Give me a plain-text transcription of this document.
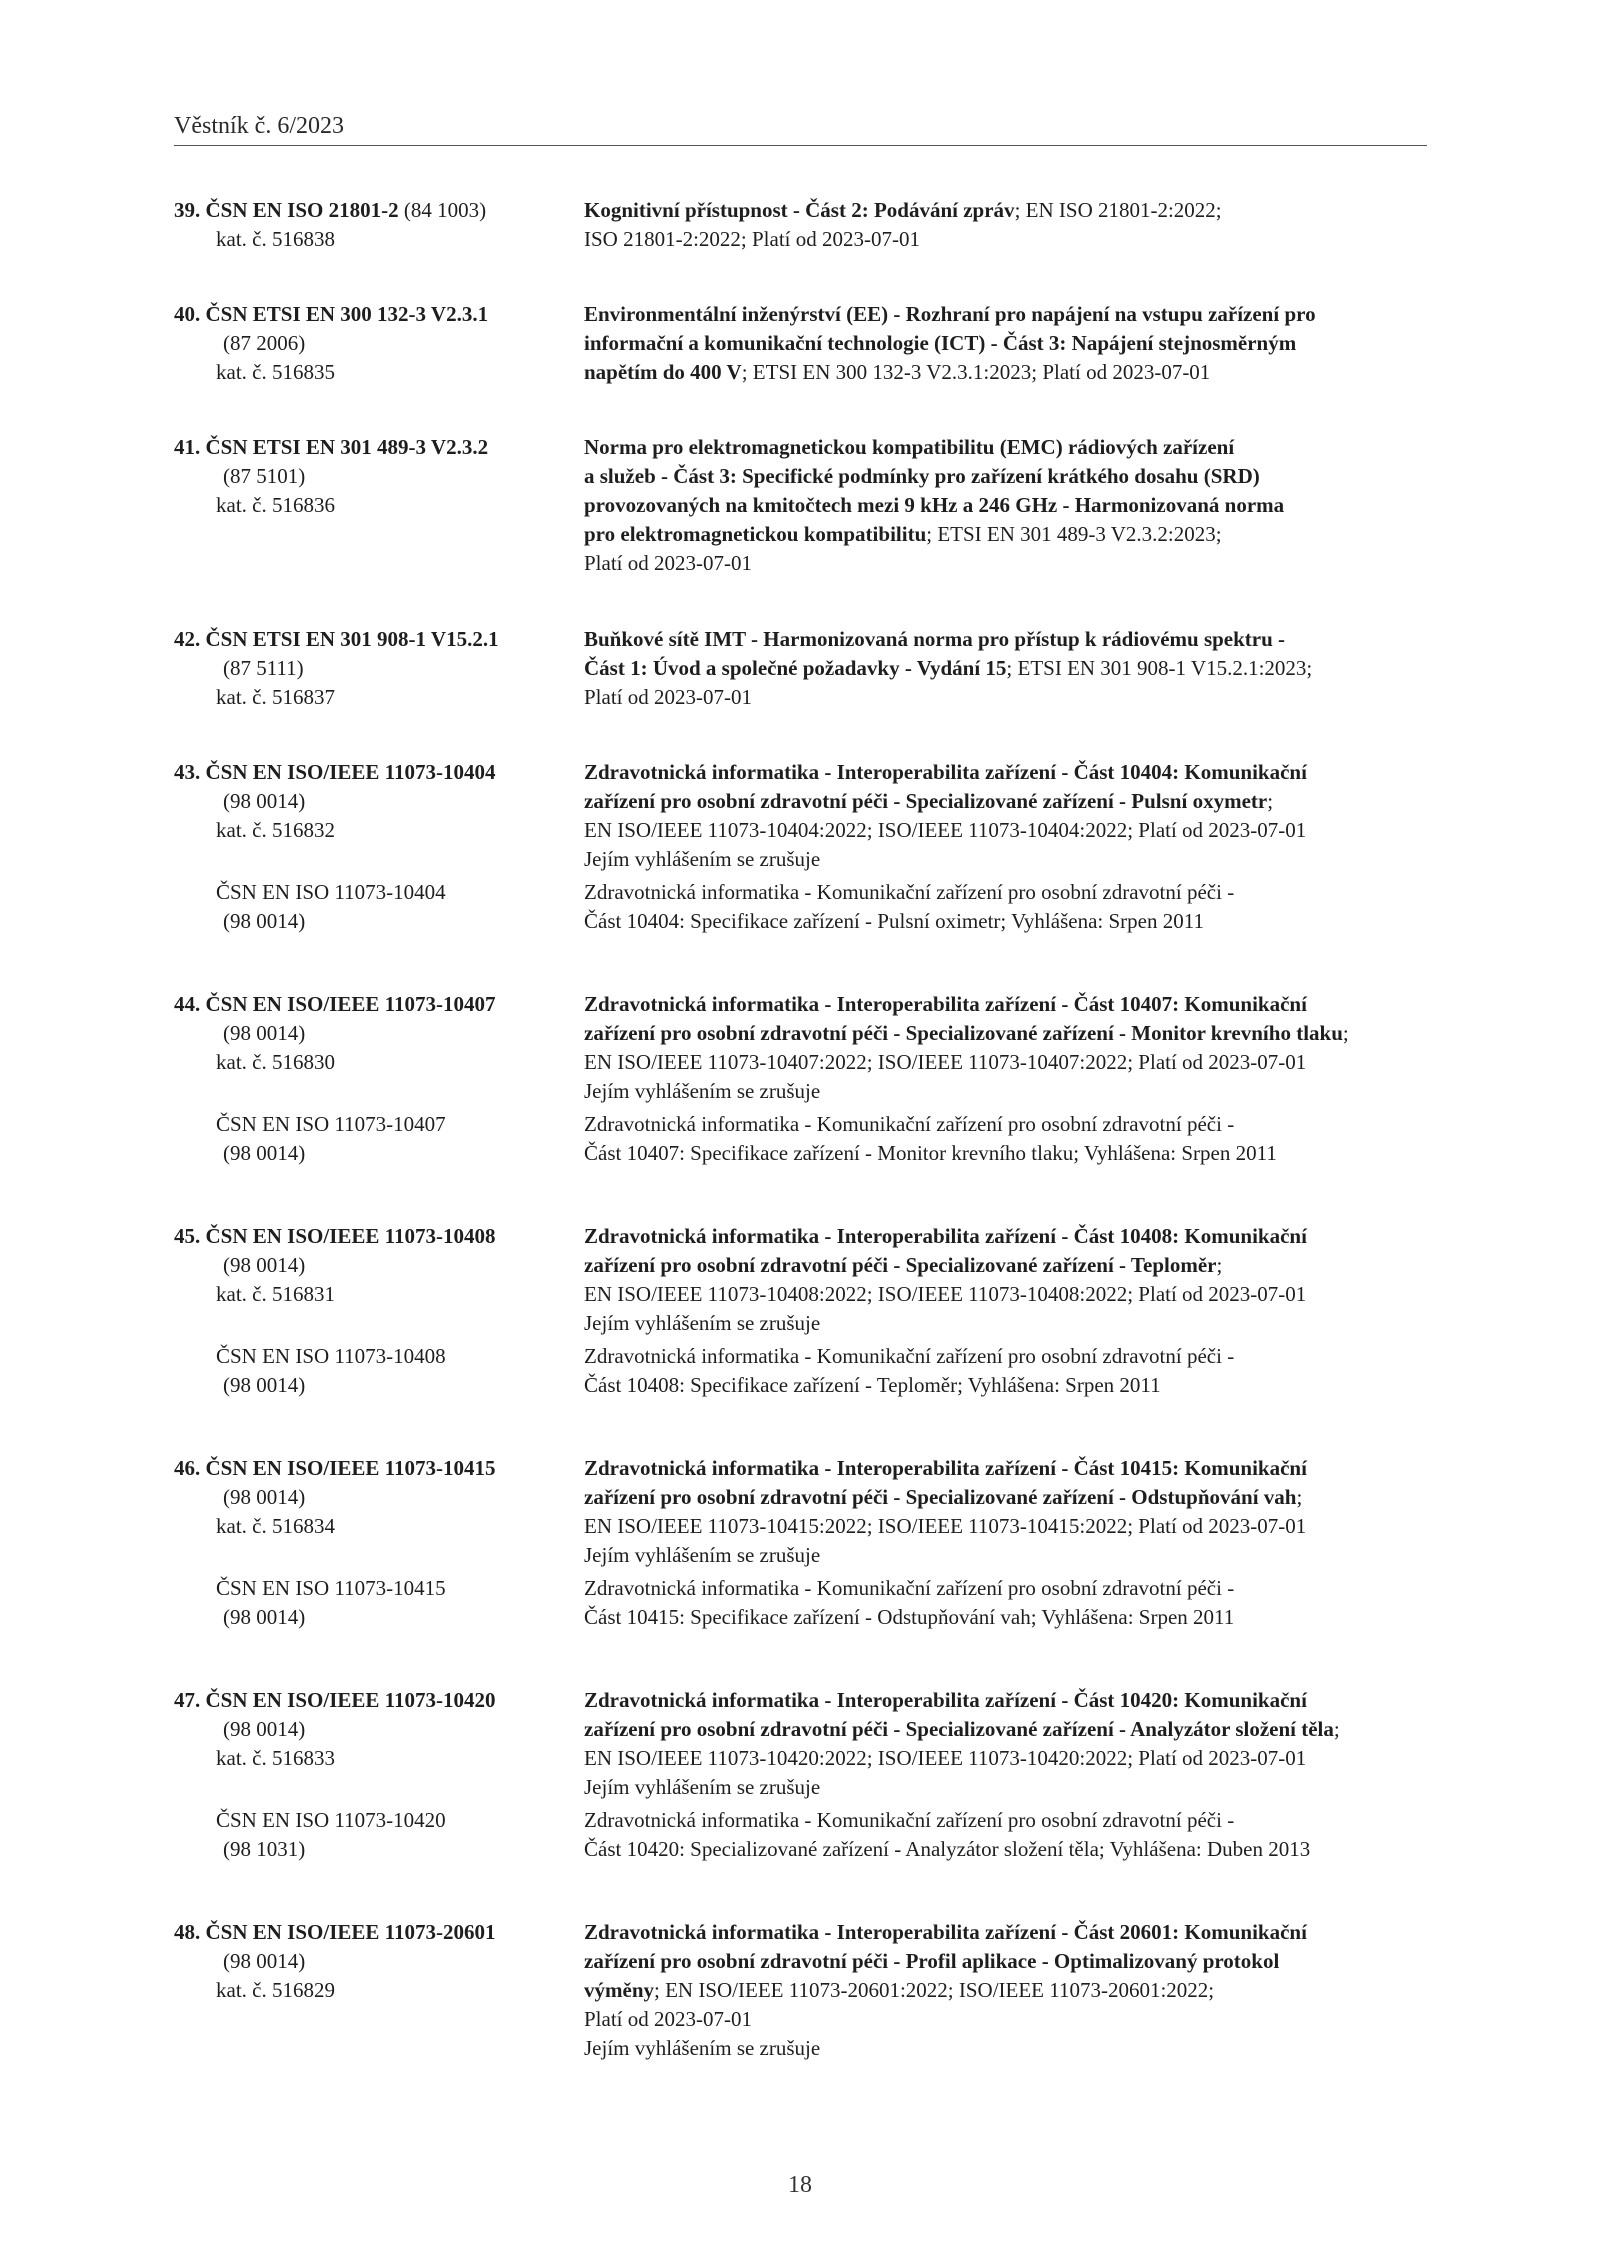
Věstník č. 6/2023
39. ČSN EN ISO 21801-2 (84 1003)
kat. č. 516838
Kognitivní přístupnost - Část 2: Podávání zpráv; EN ISO 21801-2:2022;
ISO 21801-2:2022; Platí od 2023-07-01
40. ČSN ETSI EN 300 132-3 V2.3.1
(87 2006)
kat. č. 516835
Environmentální inženýrství (EE) - Rozhraní pro napájení na vstupu zařízení pro
informační a komunikační technologie (ICT) - Část 3: Napájení stejnosměrným
napětím do 400 V; ETSI EN 300 132-3 V2.3.1:2023; Platí od 2023-07-01
41. ČSN ETSI EN 301 489-3 V2.3.2
(87 5101)
kat. č. 516836
Norma pro elektromagnetickou kompatibilitu (EMC) rádiových zařízení
a služeb - Část 3: Specifické podmínky pro zařízení krátkého dosahu (SRD)
provozovaných na kmitočtech mezi 9 kHz a 246 GHz - Harmonizovaná norma
pro elektromagnetickou kompatibilitu; ETSI EN 301 489-3 V2.3.2:2023;
Platí od 2023-07-01
42. ČSN ETSI EN 301 908-1 V15.2.1
(87 5111)
kat. č. 516837
Buňkové sítě IMT - Harmonizovaná norma pro přístup k rádiovému spektru -
Část 1: Úvod a společné požadavky - Vydání 15; ETSI EN 301 908-1 V15.2.1:2023;
Platí od 2023-07-01
43. ČSN EN ISO/IEEE 11073-10404
(98 0014)
kat. č. 516832
ČSN EN ISO 11073-10404
(98 0014)
Zdravotnická informatika - Interoperabilita zařízení - Část 10404: Komunikační
zařízení pro osobní zdravotní péči - Specializované zařízení - Pulsní oxymetr;
EN ISO/IEEE 11073-10404:2022; ISO/IEEE 11073-10404:2022; Platí od 2023-07-01
Jejím vyhlášením se zrušuje
Zdravotnická informatika - Komunikační zařízení pro osobní zdravotní péči -
Část 10404: Specifikace zařízení - Pulsní oximetr; Vyhlášena: Srpen 2011
44. ČSN EN ISO/IEEE 11073-10407
(98 0014)
kat. č. 516830
ČSN EN ISO 11073-10407
(98 0014)
Zdravotnická informatika - Interoperabilita zařízení - Část 10407: Komunikační
zařízení pro osobní zdravotní péči - Specializované zařízení - Monitor krevního tlaku;
EN ISO/IEEE 11073-10407:2022; ISO/IEEE 11073-10407:2022; Platí od 2023-07-01
Jejím vyhlášením se zrušuje
Zdravotnická informatika - Komunikační zařízení pro osobní zdravotní péči -
Část 10407: Specifikace zařízení - Monitor krevního tlaku; Vyhlášena: Srpen 2011
45. ČSN EN ISO/IEEE 11073-10408
(98 0014)
kat. č. 516831
ČSN EN ISO 11073-10408
(98 0014)
Zdravotnická informatika - Interoperabilita zařízení - Část 10408: Komunikační
zařízení pro osobní zdravotní péči - Specializované zařízení - Teploměr;
EN ISO/IEEE 11073-10408:2022; ISO/IEEE 11073-10408:2022; Platí od 2023-07-01
Jejím vyhlášením se zrušuje
Zdravotnická informatika - Komunikační zařízení pro osobní zdravotní péči -
Část 10408: Specifikace zařízení - Teploměr; Vyhlášena: Srpen 2011
46. ČSN EN ISO/IEEE 11073-10415
(98 0014)
kat. č. 516834
ČSN EN ISO 11073-10415
(98 0014)
Zdravotnická informatika - Interoperabilita zařízení - Část 10415: Komunikační
zařízení pro osobní zdravotní péči - Specializované zařízení - Odstupňování vah;
EN ISO/IEEE 11073-10415:2022; ISO/IEEE 11073-10415:2022; Platí od 2023-07-01
Jejím vyhlášením se zrušuje
Zdravotnická informatika - Komunikační zařízení pro osobní zdravotní péči -
Část 10415: Specifikace zařízení - Odstupňování vah; Vyhlášena: Srpen 2011
47. ČSN EN ISO/IEEE 11073-10420
(98 0014)
kat. č. 516833
ČSN EN ISO 11073-10420
(98 1031)
Zdravotnická informatika - Interoperabilita zařízení - Část 10420: Komunikační
zařízení pro osobní zdravotní péči - Specializované zařízení - Analyzátor složení těla;
EN ISO/IEEE 11073-10420:2022; ISO/IEEE 11073-10420:2022; Platí od 2023-07-01
Jejím vyhlášením se zrušuje
Zdravotnická informatika - Komunikační zařízení pro osobní zdravotní péči -
Část 10420: Specializované zařízení - Analyzátor složení těla; Vyhlášena: Duben 2013
48. ČSN EN ISO/IEEE 11073-20601
(98 0014)
kat. č. 516829
Zdravotnická informatika - Interoperabilita zařízení - Část 20601: Komunikační
zařízení pro osobní zdravotní péči - Profil aplikace - Optimalizovaný protokol
výměny; EN ISO/IEEE 11073-20601:2022; ISO/IEEE 11073-20601:2022;
Platí od 2023-07-01
Jejím vyhlášením se zrušuje
18
